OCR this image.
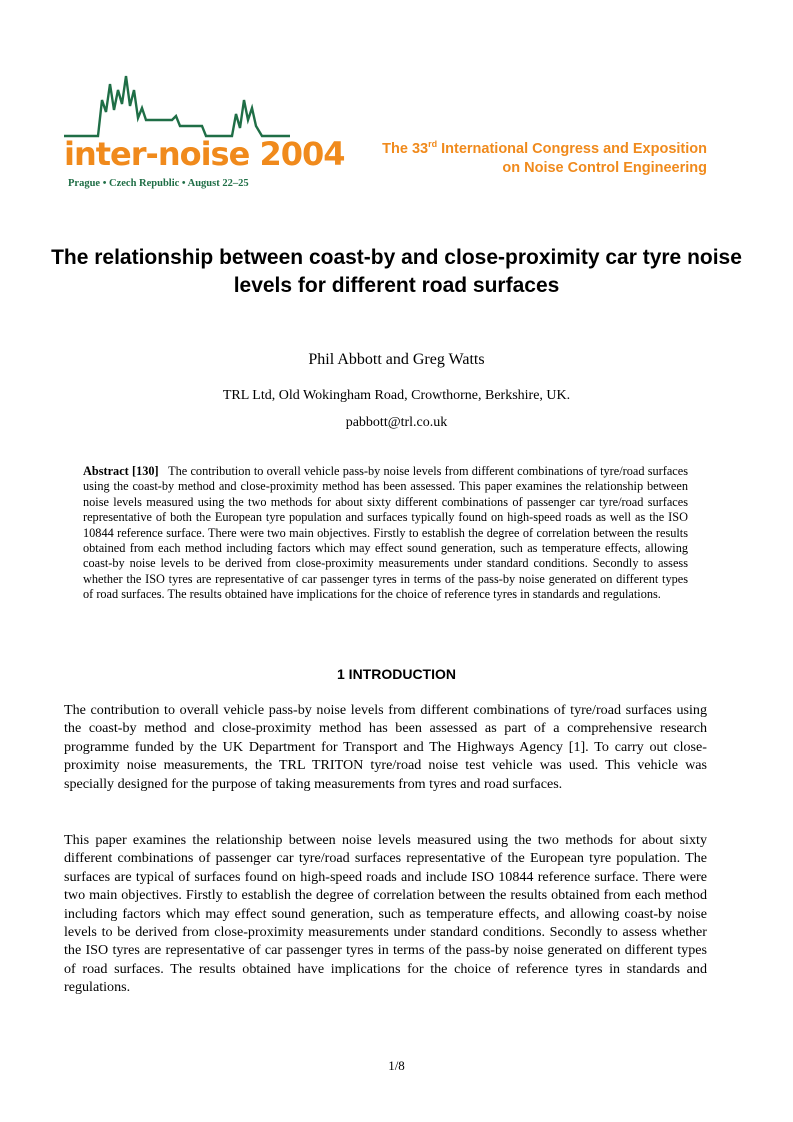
inter-noise 2004
Prague • Czech Republic • August 22–25
The 33rd International Congress and Exposition
on Noise Control Engineering
The relationship between coast-by and close-proximity car tyre noise levels for different road surfaces
Phil Abbott and Greg Watts
TRL Ltd, Old Wokingham Road, Crowthorne, Berkshire, UK.
pabbott@trl.co.uk
Abstract [130] The contribution to overall vehicle pass-by noise levels from different combinations of tyre/road surfaces using the coast-by method and close-proximity method has been assessed. This paper examines the relationship between noise levels measured using the two methods for about sixty different combinations of passenger car tyre/road surfaces representative of both the European tyre population and surfaces typically found on high-speed roads as well as the ISO 10844 reference surface. There were two main objectives. Firstly to establish the degree of correlation between the results obtained from each method including factors which may effect sound generation, such as temperature effects, allowing coast-by noise levels to be derived from close-proximity measurements under standard conditions. Secondly to assess whether the ISO tyres are representative of car passenger tyres in terms of the pass-by noise generated on different types of road surfaces. The results obtained have implications for the choice of reference tyres in standards and regulations.
1 INTRODUCTION

The contribution to overall vehicle pass-by noise levels from different combinations of tyre/road surfaces using the coast-by method and close-proximity method has been assessed as part of a comprehensive research programme funded by the UK Department for Transport and The Highways Agency [1]. To carry out close-proximity noise measurements, the TRL TRITON tyre/road noise test vehicle was used. This vehicle was specially designed for the purpose of taking measurements from tyres and road surfaces.

This paper examines the relationship between noise levels measured using the two methods for about sixty different combinations of passenger car tyre/road surfaces representative of the European tyre population. The surfaces are typical of surfaces found on high-speed roads and include ISO 10844 reference surface. There were two main objectives. Firstly to establish the degree of correlation between the results obtained from each method including factors which may effect sound generation, such as temperature effects, and allowing coast-by noise levels to be derived from close-proximity measurements under standard conditions. Secondly to assess whether the ISO tyres are representative of car passenger tyres in terms of the pass-by noise generated on different types of road surfaces. The results obtained have implications for the choice of reference tyres in standards and regulations.

1/8
